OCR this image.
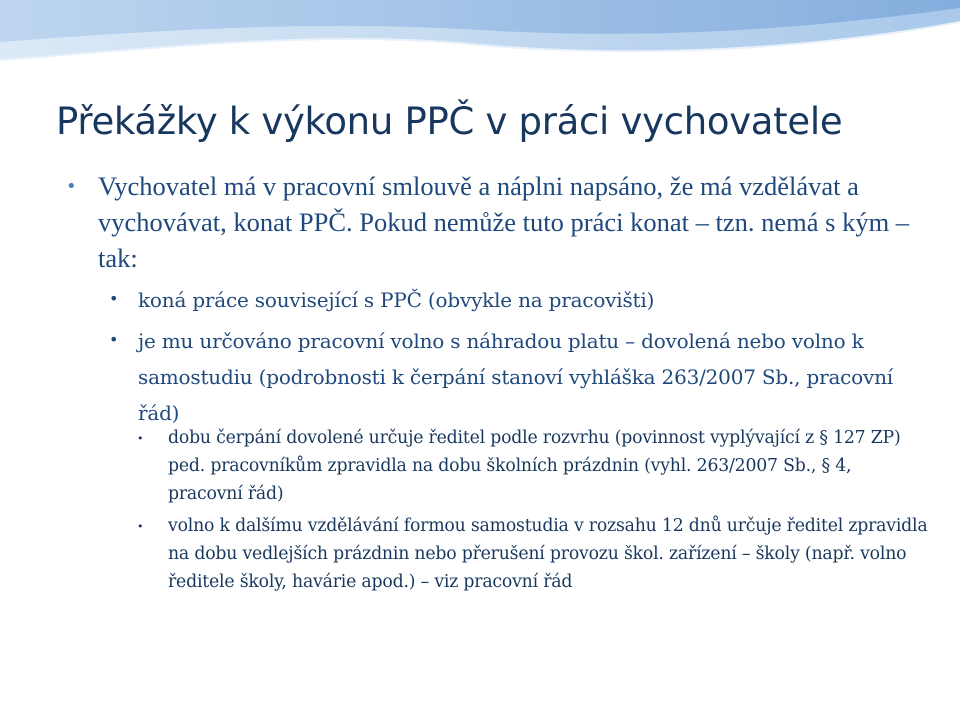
Překážky k výkonu PPČ v práci vychovatele
• Vychovatel má v pracovní smlouvě a náplni napsáno, že má vzdělávat a vychovávat, konat PPČ. Pokud nemůže tuto práci konat – tzn. nemá s kým – tak:
• koná práce související s PPČ (obvykle na pracovišti)
• je mu určováno pracovní volno s náhradou platu – dovolená nebo volno k samostudiu (podrobnosti k čerpání stanoví vyhláška 263/2007 Sb., pracovní řád)
• dobu čerpání dovolené určuje ředitel podle rozvrhu (povinnost vyplývající z § 127 ZP) ped. pracovníkům zpravidla na dobu školních prázdnin (vyhl. 263/2007 Sb., § 4, pracovní řád)
• volno k dalšímu vzdělávání formou samostudia v rozsahu 12 dnů určuje ředitel zpravidla na dobu vedlejších prázdnin nebo přerušení provozu škol. zařízení – školy (např. volno ředitele školy, havárie apod.) – viz pracovní řád
